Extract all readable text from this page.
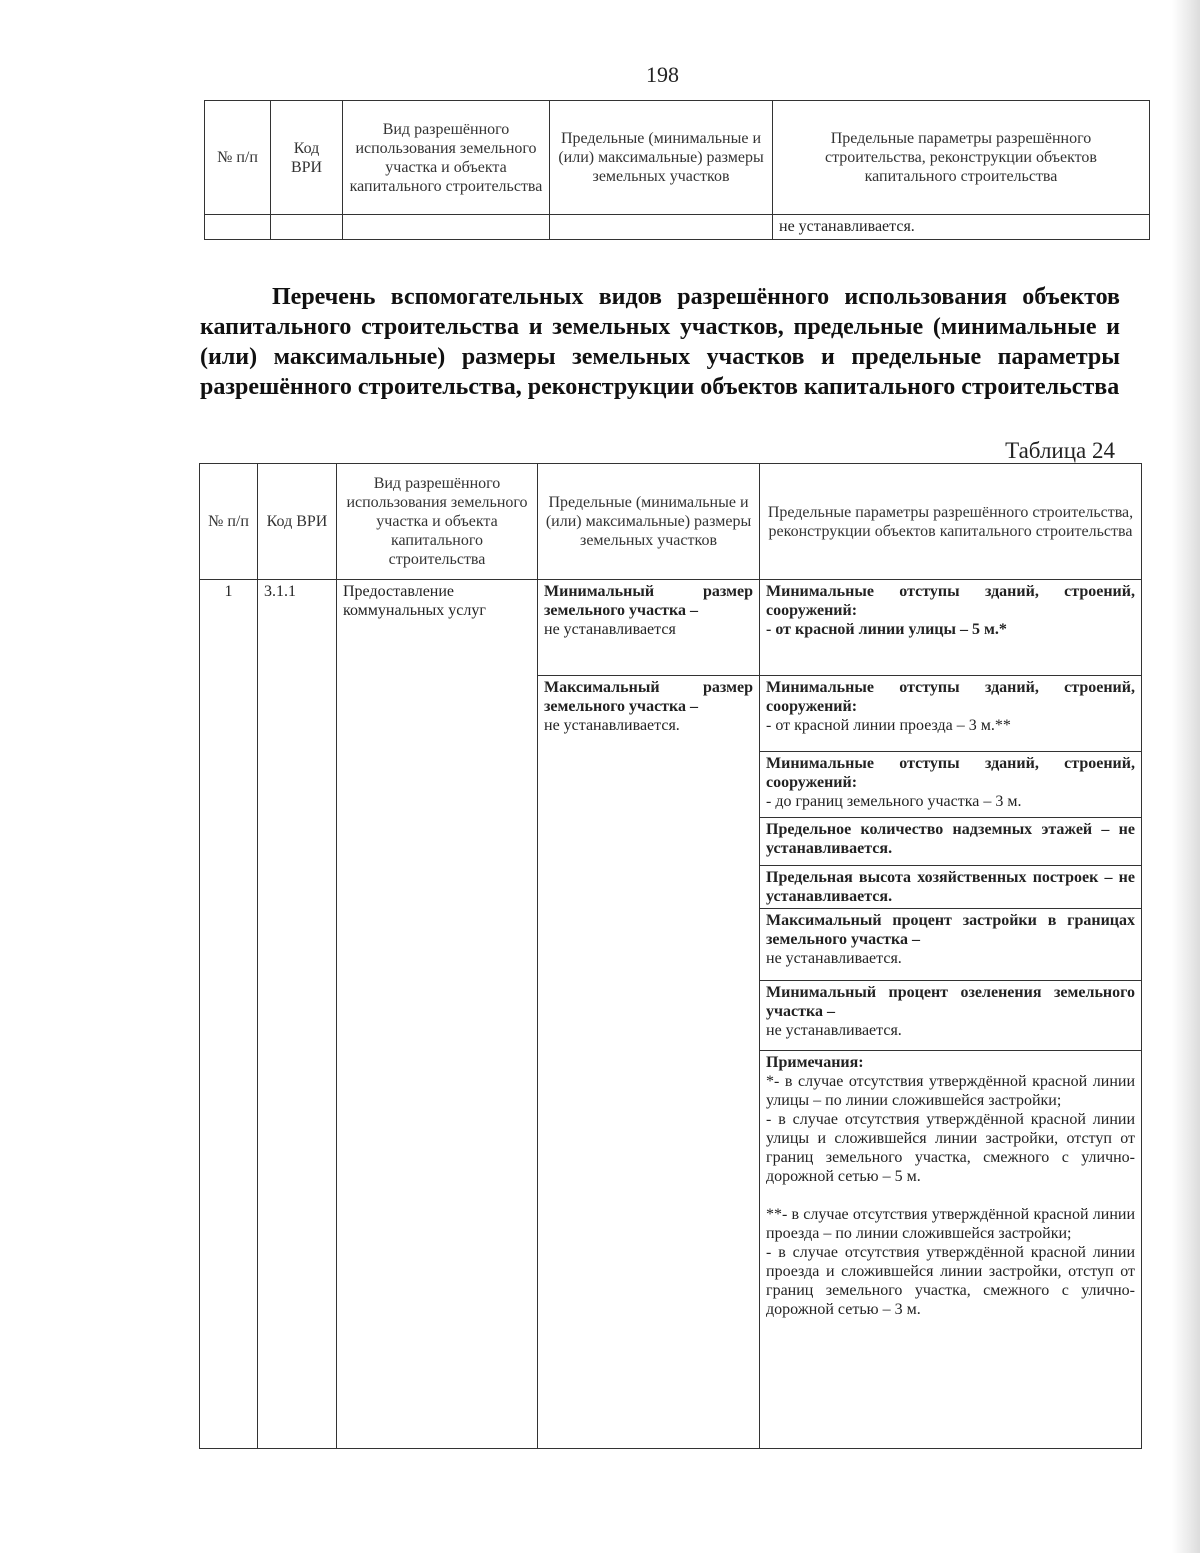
198
№ п/п	Код ВРИ	Вид разрешённого использования земельного участка и объекта капитального строительства	Предельные (минимальные и (или) максимальные) размеры земельных участков	Предельные параметры разрешённого строительства, реконструкции объектов капитального строительства
				не устанавливается.
Перечень вспомогательных видов разрешённого использования объектов капитального строительства и земельных участков, предельные (минимальные и (или) максимальные) размеры земельных участков и предельные параметры разрешённого строительства, реконструкции объектов капитального строительства
Таблица 24
№ п/п	Код ВРИ	Вид разрешённого использования земельного участка и объекта капитального строительства	Предельные (минимальные и (или) максимальные) размеры земельных участков	Предельные параметры разрешённого строительства, реконструкции объектов капитального строительства
1	3.1.1	Предоставление коммунальных услуг	Минимальный размер земельного участка –
не устанавливается	Минимальные отступы зданий, строений, сооружений:
- от красной линии улицы – 5 м.*

			Максимальный размер земельного участка –
не устанавливается.	Минимальные отступы зданий, строений, сооружений:
- от красной линии проезда – 3 м.**

				Минимальные отступы зданий, строений, сооружений:
- до границ земельного участка – 3 м.

				Предельное количество надземных этажей – не устанавливается.
				Предельная высота хозяйственных построек – не устанавливается.

				Максимальный процент застройки в границах земельного участка –
не устанавливается.

				Минимальный процент озеленения земельного участка –
не устанавливается.

				Примечания:

*- в случае отсутствия утверждённой красной линии улицы – по линии сложившейся застройки;

- в случае отсутствия утверждённой красной линии улицы и сложившейся линии застройки, отступ от границ земельного участка, смежного с улично-дорожной сетью – 5 м.

**- в случае отсутствия утверждённой красной линии проезда – по линии сложившейся застройки;

- в случае отсутствия утверждённой красной линии проезда и сложившейся линии застройки, отступ от границ земельного участка, смежного с улично-дорожной сетью – 3 м.
